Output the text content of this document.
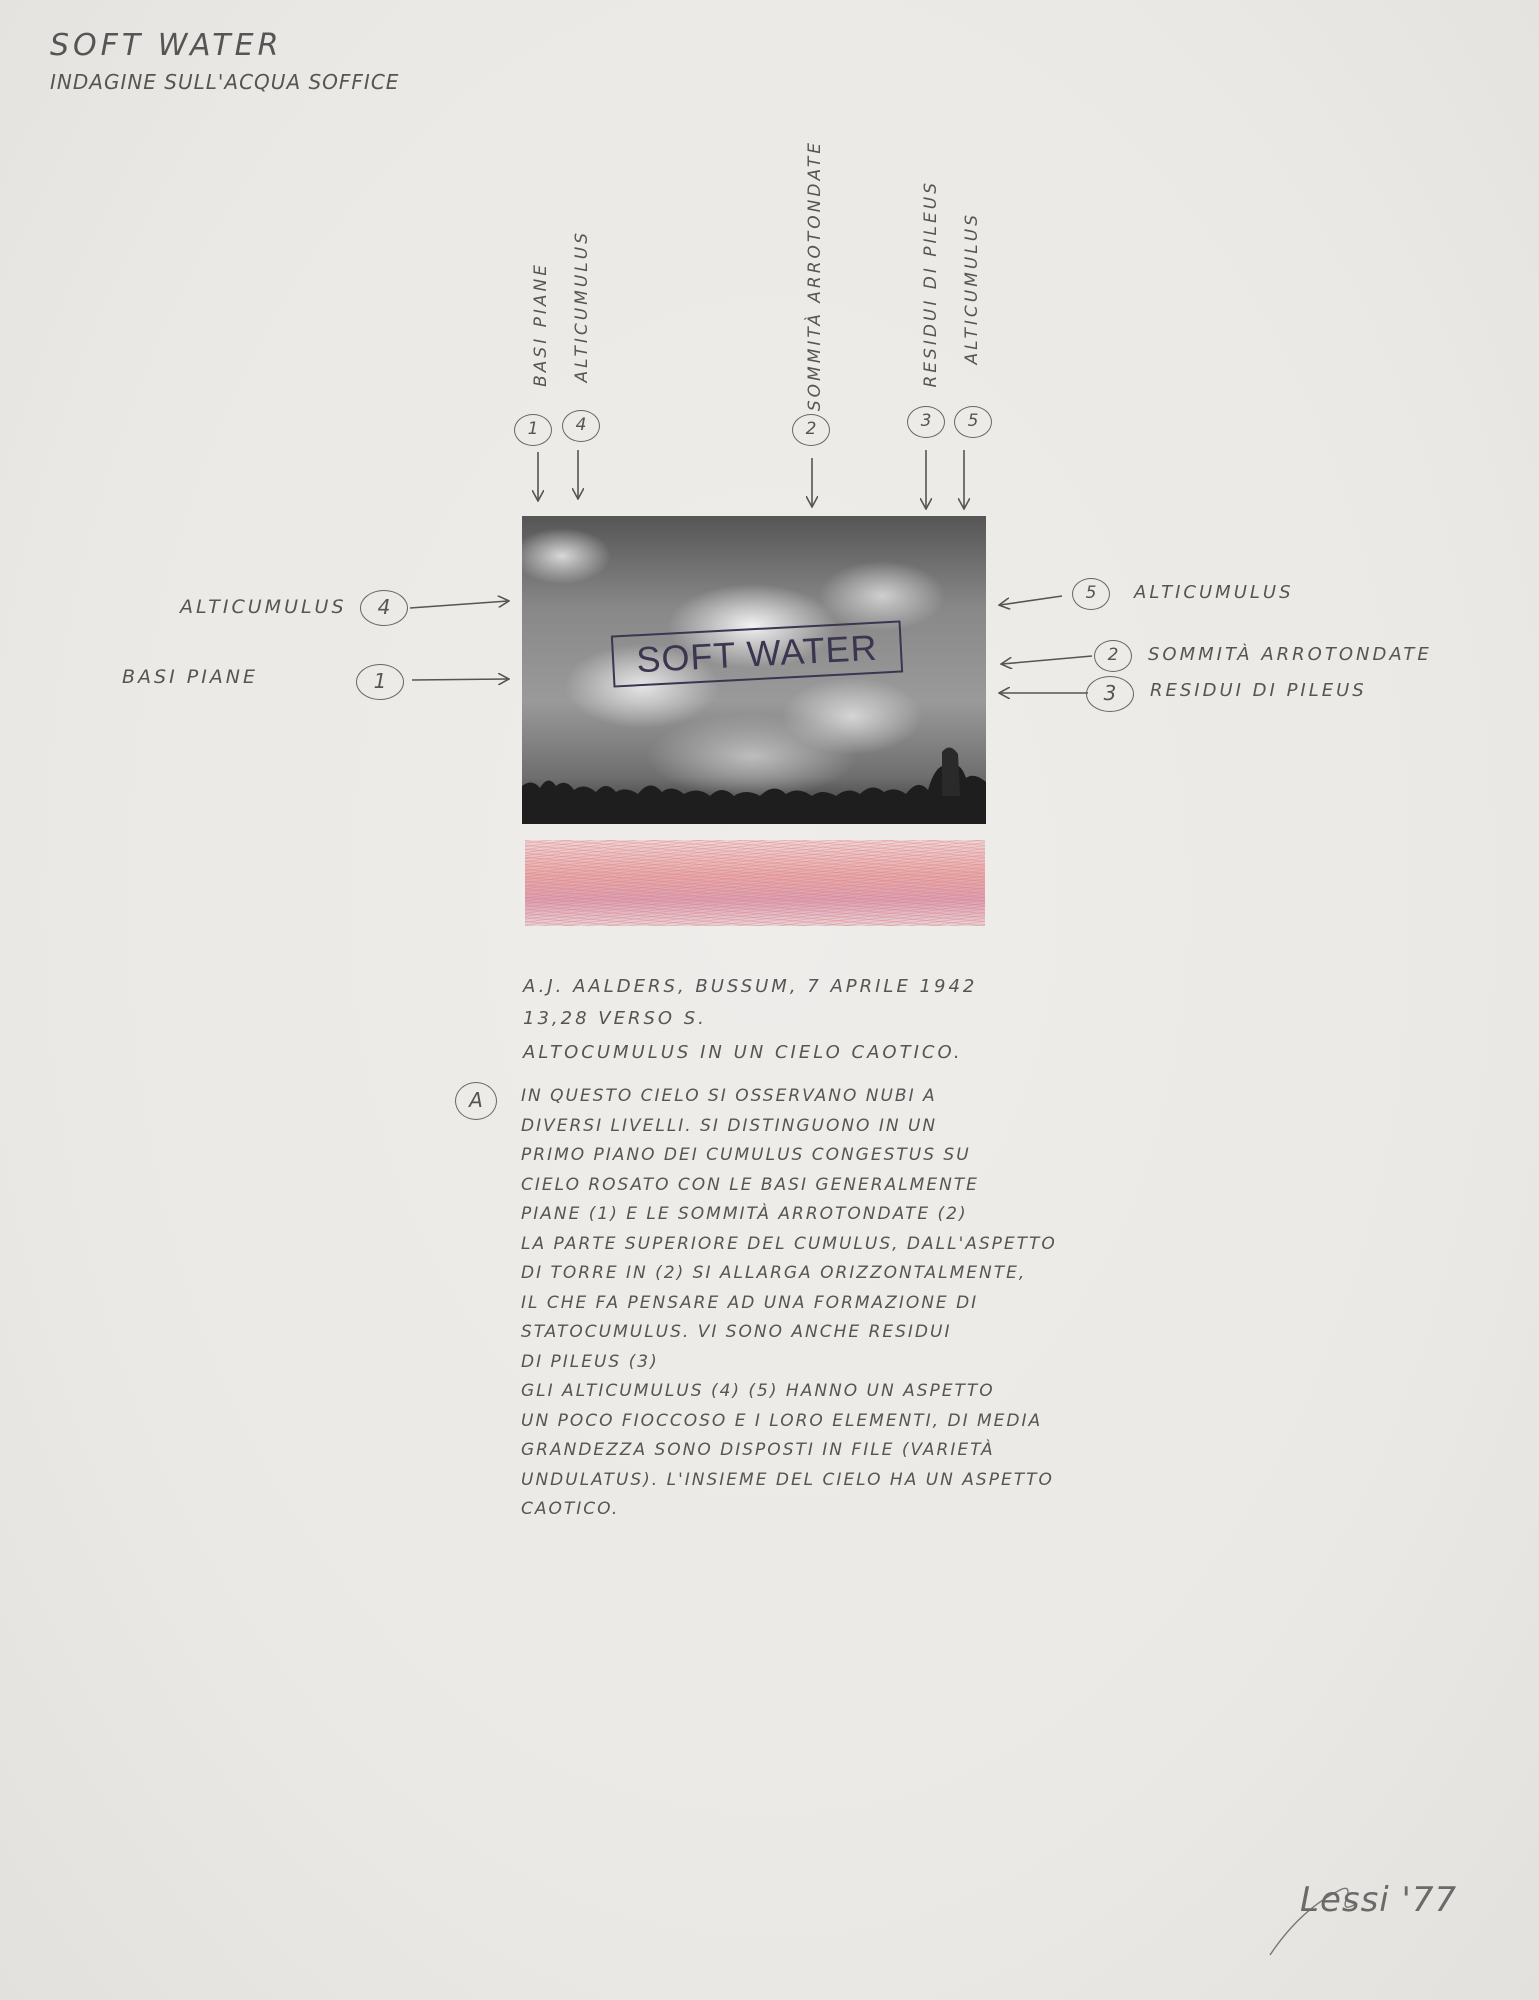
SOFT WATER
INDAGINE SULL'ACQUA SOFFICE
BASI PIANE ALTICUMULUS	SOMMITÀ ARROTONDATE	RESIDUI DI PILEUS ALTICUMULUS
1	4	2	3	5
ALTICUMULUS	4
BASI PIANE	1
5	ALTICUMULUS
2	SOMMITÀ ARROTONDATE
3	RESIDUI DI PILEUS
SOFT WATER
A.J. AALDERS, BUSSUM, 7 APRILE 1942
13,28 VERSO S.
ALTOCUMULUS IN UN CIELO CAOTICO.
A	IN QUESTO CIELO SI OSSERVANO NUBI A
DIVERSI LIVELLI. SI DISTINGUONO IN UN
PRIMO PIANO DEI CUMULUS CONGESTUS SU
CIELO ROSATO CON LE BASI GENERALMENTE
PIANE (1) E LE SOMMITÀ ARROTONDATE (2)
LA PARTE SUPERIORE DEL CUMULUS, DALL'ASPETTO
DI TORRE IN (2) SI ALLARGA ORIZZONTALMENTE,
IL CHE FA PENSARE AD UNA FORMAZIONE DI
STATOCUMULUS. VI SONO ANCHE RESIDUI
DI PILEUS (3)
GLI ALTICUMULUS (4) (5) HANNO UN ASPETTO
UN POCO FIOCCOSO E I LORO ELEMENTI, DI MEDIA
GRANDEZZA SONO DISPOSTI IN FILE (VARIETÀ
UNDULATUS). L'INSIEME DEL CIELO HA UN ASPETTO
CAOTICO.
Lessi '77
